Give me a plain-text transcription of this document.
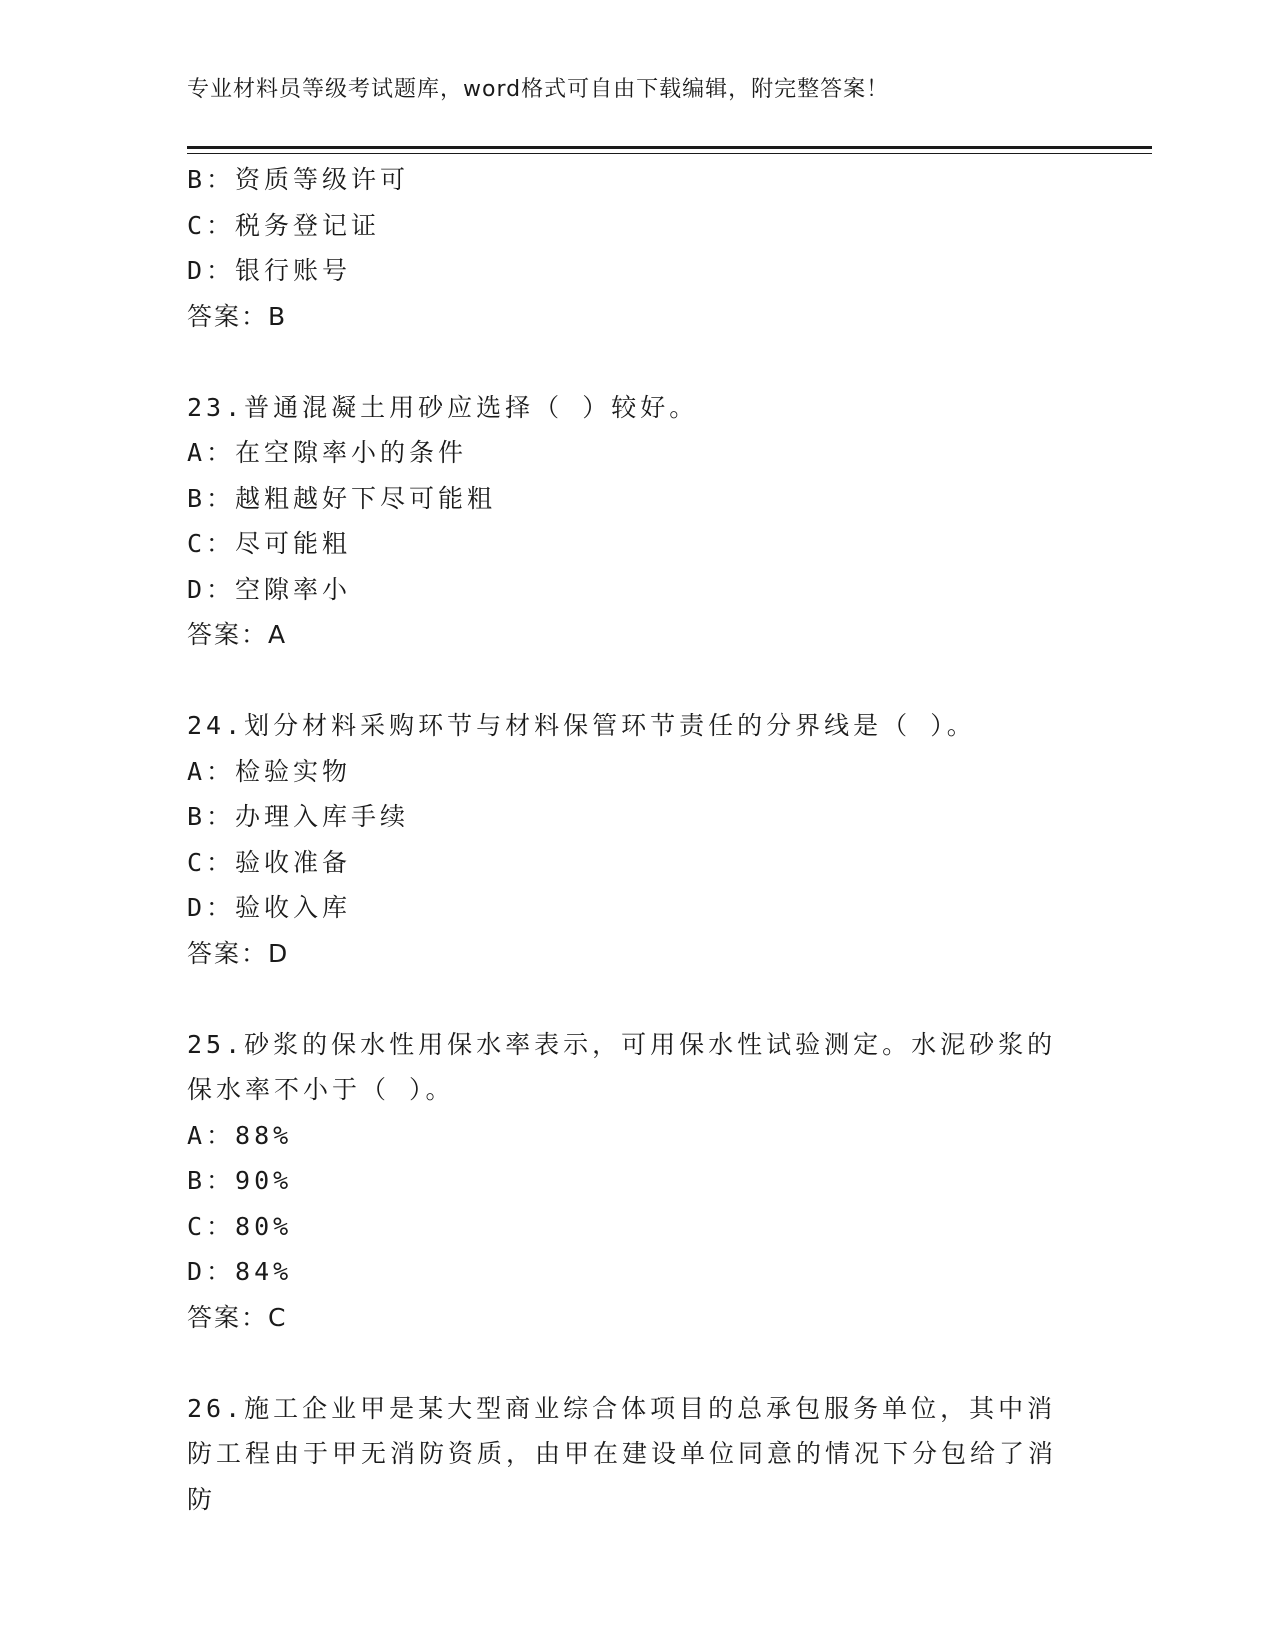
专业材料员等级考试题库，word格式可自由下载编辑，附完整答案！
B：资质等级许可
C：税务登记证
D：银行账号
答案：B
23.普通混凝土用砂应选择（ ）较好。
A：在空隙率小的条件
B：越粗越好下尽可能粗
C：尽可能粗
D：空隙率小
答案：A
24.划分材料采购环节与材料保管环节责任的分界线是（ ）。
A：检验实物
B：办理入库手续
C：验收准备
D：验收入库
答案：D
25.砂浆的保水性用保水率表示，可用保水性试验测定。水泥砂浆的保水率不小于（ ）。
A：88%
B：90%
C：80%
D：84%
答案：C
26.施工企业甲是某大型商业综合体项目的总承包服务单位，其中消防工程由于甲无消防资质，由甲在建设单位同意的情况下分包给了消防
